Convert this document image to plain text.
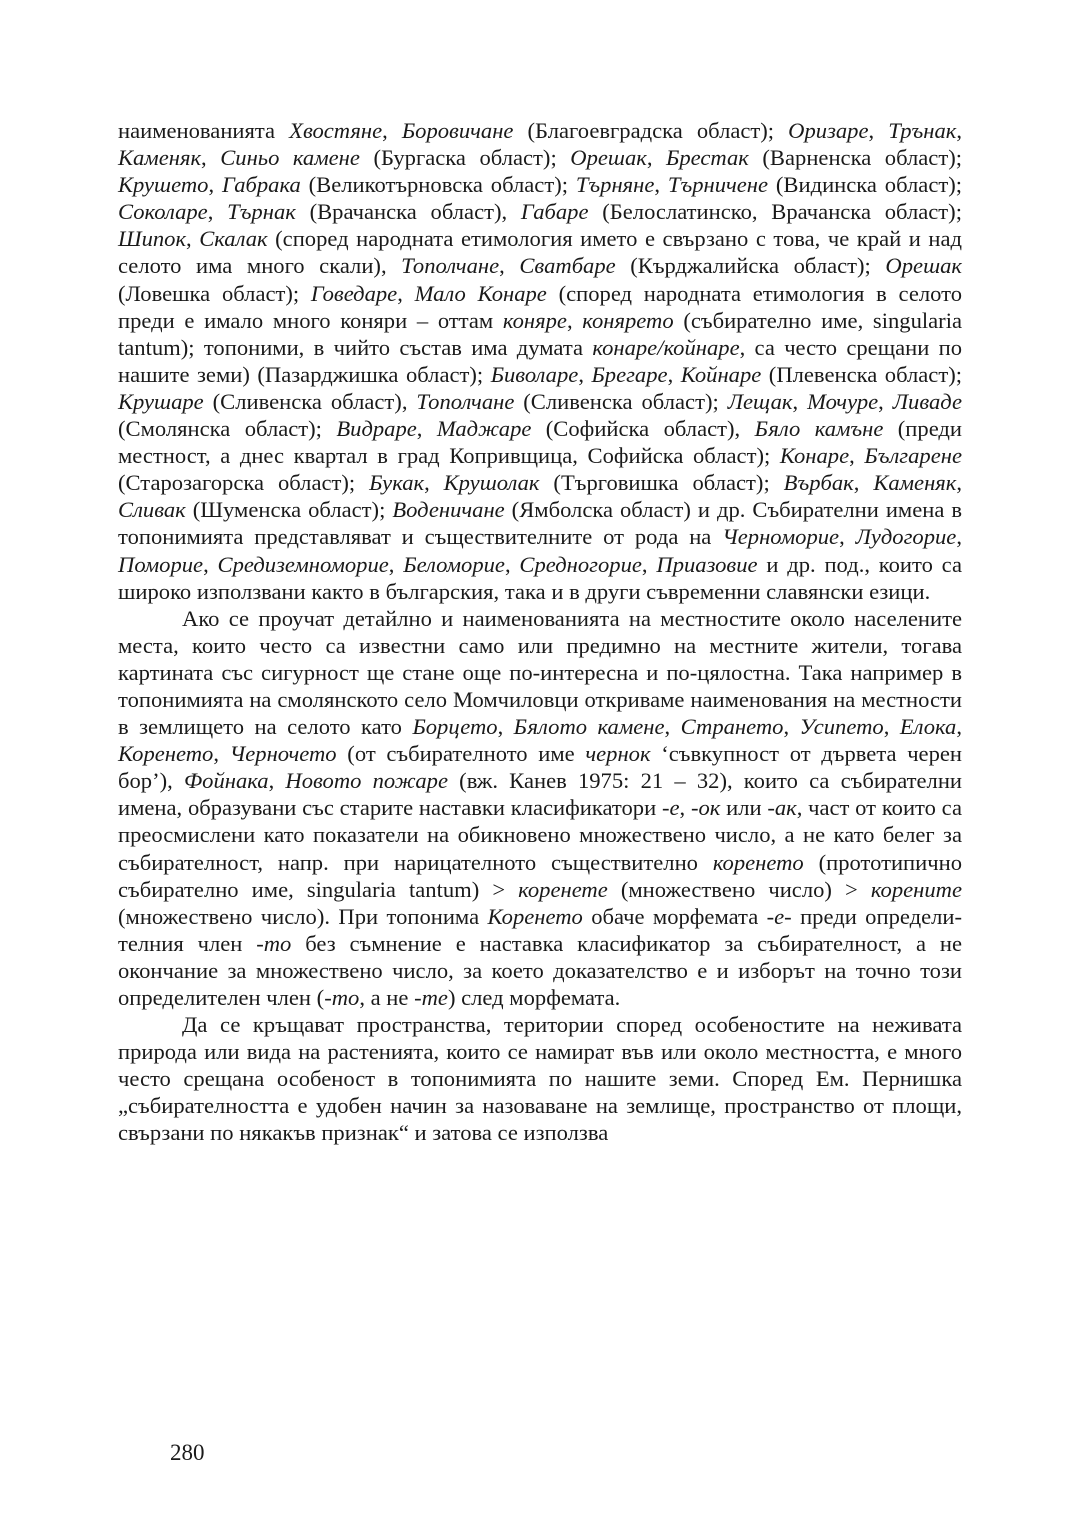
наименованията Хвостяне, Боровичане (Благоевградска област); Оризаре, Трънак, Каменяк, Синьо камене (Бургаска област); Орешак, Брестак (Варненска област); Крушето, Габрака (Великотърновска област); Търняне, Търничене (Видинска област); Соколаре, Търнак (Врачанска област), Габаре (Белослатинско, Врачанска област); Шипок, Скалак (според народната етимология името е свързано с това, че край и над селото има много скали), Тополчане, Сватбаре (Кърджалийска област); Орешак (Ловешка област); Говедаре, Мало Конаре (според народната етимология в селото преди е имало много коняри – оттам коняре, конярето (събирателно име, singularia tantum); топоними, в чийто състав има думата конаре/койнаре, са често срещани по нашите земи) (Пазарджишка област); Биволаре, Брегаре, Койнаре (Плевенска област); Крушаре (Сливенска област), Тополчане (Сливенска област); Лещак, Мочуре, Ливаде (Смолянска област); Видраре, Маджаре (Софийска област), Бяло камъне (преди местност, а днес квартал в град Копривщица, Софийска област); Конаре, Българене (Старозагорска област); Букак, Крушолак (Търговишка област); Върбак, Каменяк, Сливак (Шуменска област); Воденичане (Ямболска област) и др. Събирателни имена в топонимията представляват и съществителните от рода на Черноморие, Лудогорие, Поморие, Средиземноморие, Беломорие, Средногорие, Приазовие и др. под., които са широко използвани както в българския, така и в други съвременни славянски езици.

Ако се проучат детайлно и наименованията на местностите около населените места, които често са известни само или предимно на местните жители, тогава картината със сигурност ще стане още по-интересна и по-цялостна. Така например в топонимията на смолянското село Момчиловци откриваме наименования на местности в землището на селото като Борцето, Бялото камене, Странето, Усипето, Елока, Коренето, Черночето (от събирателното име чернок ‘съвкупност от дървета черен бор’), Фойнака, Новото пожаре (вж. Канев 1975: 21 – 32), които са събирателни имена, образувани със старите наставки класификатори -е, -ок или -ак, част от които са преосмислени като показатели на обикновено множествено число, а не като белег за събирателност, напр. при нарицателното съществително коренето (прототипично събирателно име, singularia tantum) > коренете (множествено число) > корените (множествено число). При топонима Коренето обаче морфемата -е- преди определителния член -то без съмнение е наставка класификатор за събирателност, а не окончание за множествено число, за което доказателство е и изборът на точно този определителен член (-то, а не -те) след морфемата.

Да се кръщават пространства, територии според особеностите на неживата природа или вида на растенията, които се намират във или около местността, е много често срещана особеност в топонимията по нашите земи. Според Ем. Пернишка „събирателността е удобен начин за назоваване на землище, пространство от площи, свързани по някакъв признак“ и затова се използва

280
